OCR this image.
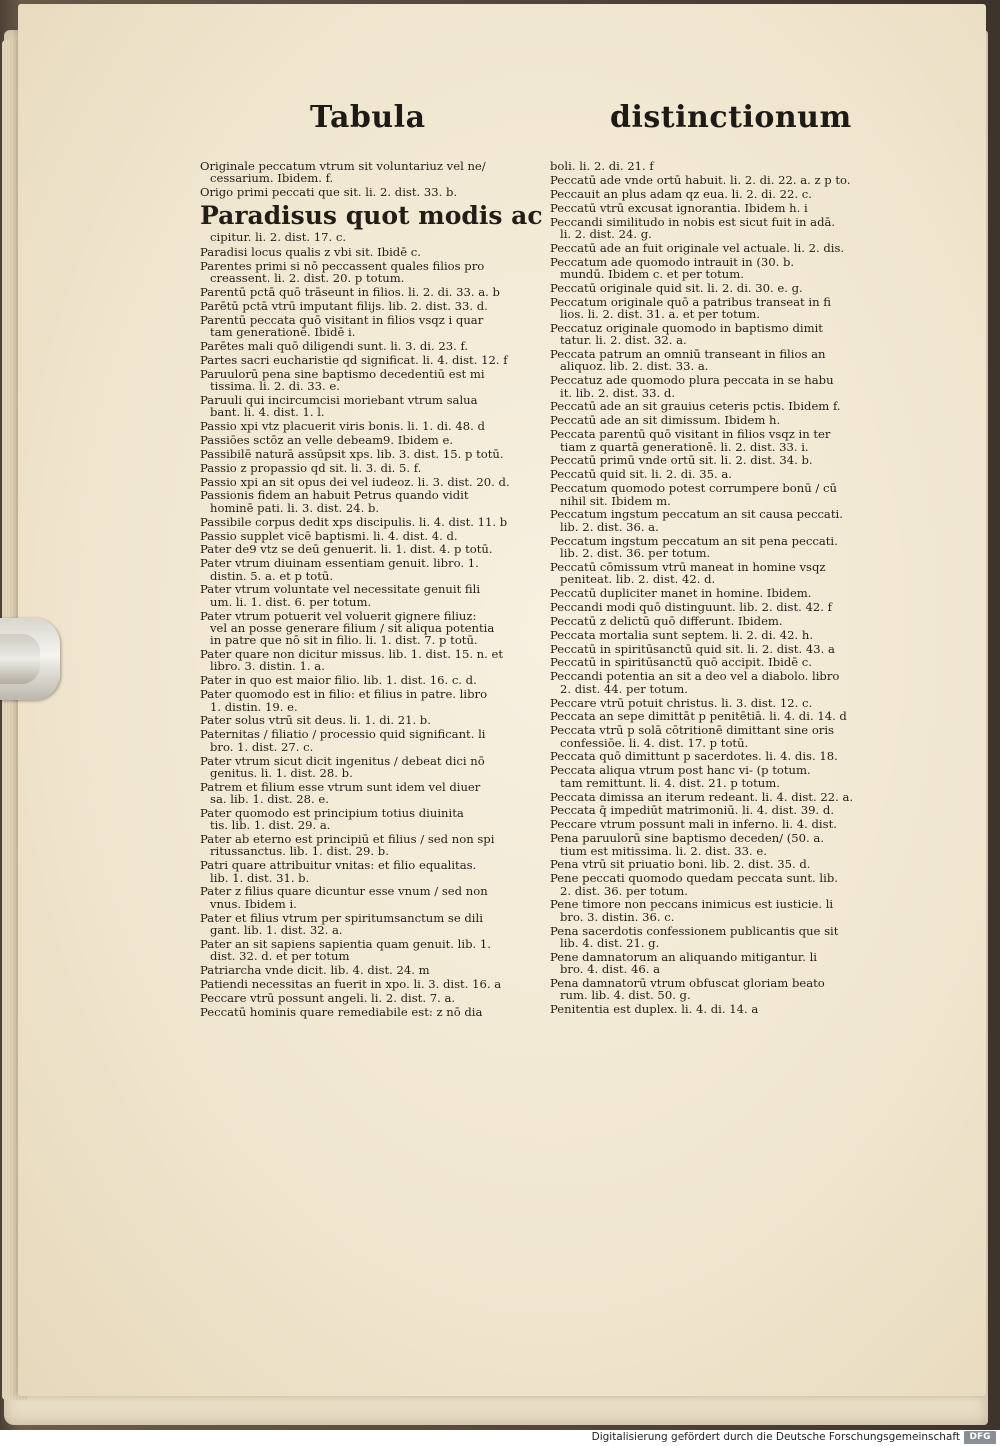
Tabula	distinctionum
Originale peccatum vtrum sit voluntariuz vel ne/
cessarium. Ibidem. f.
Origo primi peccati que sit. li. 2. dist. 33. b.
Paradisus quot modis ac
cipitur. li. 2. dist. 17. c.
Paradisi locus qualis z vbi sit. Ibidē c.
Parentes primi si nō peccassent quales filios pro
creassent. li. 2. dist. 20. p totum.
Parentū pctā quō trāseunt in filios. li. 2. di. 33. a. b
Parētū pctā vtrū imputant filijs. lib. 2. dist. 33. d.
Parentū peccata quō visitant in filios vsqz i quar
tam generationē. Ibidē i.
Parētes mali quō diligendi sunt. li. 3. di. 23. f.
Partes sacri eucharistie qd significat. li. 4. dist. 12. f
Paruulorū pena sine baptismo decedentiū est mi
tissima. li. 2. di. 33. e.
Paruuli qui incircumcisi moriebant vtrum salua
bant. li. 4. dist. 1. l.
Passio xpi vtz placuerit viris bonis. li. 1. di. 48. d
Passiōes sctōz an velle debeam9. Ibidem e.
Passibilē naturā assūpsit xps. lib. 3. dist. 15. p totū.
Passio z propassio qd sit. li. 3. di. 5. f.
Passio xpi an sit opus dei vel iudeoz. li. 3. dist. 20. d.
Passionis fidem an habuit Petrus quando vidit
hominē pati. li. 3. dist. 24. b.
Passibile corpus dedit xps discipulis. li. 4. dist. 11. b
Passio supplet vicē baptismi. li. 4. dist. 4. d.
Pater de9 vtz se deū genuerit. li. 1. dist. 4. p totū.
Pater vtrum diuinam essentiam genuit. libro. 1.
distin. 5. a. et p totū.
Pater vtrum voluntate vel necessitate genuit fili
um. li. 1. dist. 6. per totum.
Pater vtrum potuerit vel voluerit gignere filiuz:
vel an posse generare filium / sit aliqua potentia
in patre que nō sit in filio. li. 1. dist. 7. p totū.
Pater quare non dicitur missus. lib. 1. dist. 15. n. et
libro. 3. distin. 1. a.
Pater in quo est maior filio. lib. 1. dist. 16. c. d.
Pater quomodo est in filio: et filius in patre. libro
1. distin. 19. e.
Pater solus vtrū sit deus. li. 1. di. 21. b.
Paternitas / filiatio / processio quid significant. li
bro. 1. dist. 27. c.
Pater vtrum sicut dicit ingenitus / debeat dici nō
genitus. li. 1. dist. 28. b.
Patrem et filium esse vtrum sunt idem vel diuer
sa. lib. 1. dist. 28. e.
Pater quomodo est principium totius diuinita
tis. lib. 1. dist. 29. a.
Pater ab eterno est principiū et filius / sed non spi
ritussanctus. lib. 1. dist. 29. b.
Patri quare attribuitur vnitas: et filio equalitas.
lib. 1. dist. 31. b.
Pater z filius quare dicuntur esse vnum / sed non
vnus. Ibidem i.
Pater et filius vtrum per spiritumsanctum se dili
gant. lib. 1. dist. 32. a.
Pater an sit sapiens sapientia quam genuit. lib. 1.
dist. 32. d. et per totum
Patriarcha vnde dicit. lib. 4. dist. 24. m
Patiendi necessitas an fuerit in xpo. li. 3. dist. 16. a
Peccare vtrū possunt angeli. li. 2. dist. 7. a.
Peccatū hominis quare remediabile est: z nō dia
boli. li. 2. di. 21. f
Peccatū ade vnde ortū habuit. li. 2. di. 22. a. z p to.
Peccauit an plus adam qz eua. li. 2. di. 22. c.
Peccatū vtrū excusat ignorantia. Ibidem h. i
Peccandi similitudo in nobis est sicut fuit in adā.
li. 2. dist. 24. g.
Peccatū ade an fuit originale vel actuale. li. 2. dis.
Peccatum ade quomodo intrauit in (30. b.
mundū. Ibidem c. et per totum.
Peccatū originale quid sit. li. 2. di. 30. e. g.
Peccatum originale quō a patribus transeat in fi
lios. li. 2. dist. 31. a. et per totum.
Peccatuz originale quomodo in baptismo dimit
tatur. li. 2. dist. 32. a.
Peccata patrum an omniū transeant in filios an
aliquoz. lib. 2. dist. 33. a.
Peccatuz ade quomodo plura peccata in se habu
it. lib. 2. dist. 33. d.
Peccatū ade an sit grauius ceteris pctis. Ibidem f.
Peccatū ade an sit dimissum. Ibidem h.
Peccata parentū quō visitant in filios vsqz in ter
tiam z quartā generationē. li. 2. dist. 33. i.
Peccatū primū vnde ortū sit. li. 2. dist. 34. b.
Peccatū quid sit. li. 2. di. 35. a.
Peccatum quomodo potest corrumpere bonū / cū
nihil sit. Ibidem m.
Peccatum ingstum peccatum an sit causa peccati.
lib. 2. dist. 36. a.
Peccatum ingstum peccatum an sit pena peccati.
lib. 2. dist. 36. per totum.
Peccatū cōmissum vtrū maneat in homine vsqz
peniteat. lib. 2. dist. 42. d.
Peccatū dupliciter manet in homine. Ibidem.
Peccandi modi quō distinguunt. lib. 2. dist. 42. f
Peccatū z delictū quō differunt. Ibidem.
Peccata mortalia sunt septem. li. 2. di. 42. h.
Peccatū in spiritūsanctū quid sit. li. 2. dist. 43. a
Peccatū in spiritūsanctū quō accipit. Ibidē c.
Peccandi potentia an sit a deo vel a diabolo. libro
2. dist. 44. per totum.
Peccare vtrū potuit christus. li. 3. dist. 12. c.
Peccata an sepe dimittāt p penitētiā. li. 4. di. 14. d
Peccata vtrū p solā cōtritionē dimittant sine oris
confessiōe. li. 4. dist. 17. p totū.
Peccata quō dimittunt p sacerdotes. li. 4. dis. 18.
Peccata aliqua vtrum post hanc vi- (p totum.
tam remittunt. li. 4. dist. 21. p totum.
Peccata dimissa an iterum redeant. li. 4. dist. 22. a.
Peccata q̄ impediūt matrimoniū. li. 4. dist. 39. d.
Peccare vtrum possunt mali in inferno. li. 4. dist.
Pena paruulorū sine baptismo deceden/ (50. a.
tium est mitissima. li. 2. dist. 33. e.
Pena vtrū sit priuatio boni. lib. 2. dist. 35. d.
Pene peccati quomodo quedam peccata sunt. lib.
2. dist. 36. per totum.
Pene timore non peccans inimicus est iusticie. li
bro. 3. distin. 36. c.
Pena sacerdotis confessionem publicantis que sit
lib. 4. dist. 21. g.
Pene damnatorum an aliquando mitigantur. li
bro. 4. dist. 46. a
Pena damnatorū vtrum obfuscat gloriam beato
rum. lib. 4. dist. 50. g.
Penitentia est duplex. li. 4. di. 14. a
Digitalisierung gefördert durch die Deutsche Forschungsgemeinschaft	DFG
